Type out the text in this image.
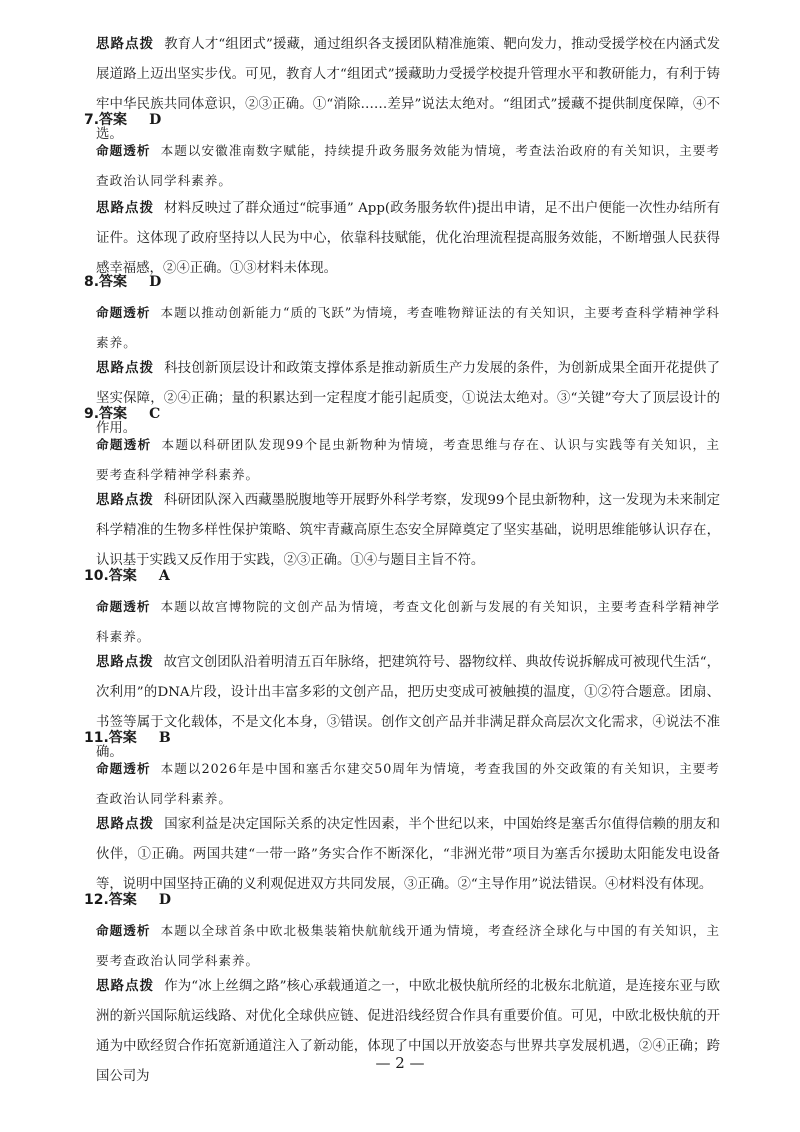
思路点拨 教育人才“组团式”援藏，通过组织各支援团队精准施策、靶向发力，推动受援学校在内涵式发展道路上迈出坚实步伐。可见，教育人才“组团式”援藏助力受援学校提升管理水平和教研能力，有利于铸牢中华民族共同体意识，②③正确。①“消除……差异”说法太绝对。“组团式”援藏不提供制度保障，④不选。

7.答案 D

命题透析 本题以安徽准南数字赋能，持续提升政务服务效能为情境，考查法治政府的有关知识，主要考查政治认同学科素养。

思路点拨 材料反映过了群众通过“皖事通” App(政务服务软件)提出申请，足不出户便能一次性办结所有证件。这体现了政府坚持以人民为中心，依靠科技赋能，优化治理流程提高服务效能，不断增强人民获得感幸福感，②④正确。①③材料未体现。

8.答案 D

命题透析 本题以推动创新能力“质的飞跃”为情境，考查唯物辩证法的有关知识，主要考查科学精神学科素养。

思路点拨 科技创新顶层设计和政策支撑体系是推动新质生产力发展的条件，为创新成果全面开花提供了坚实保障，②④正确；量的积累达到一定程度才能引起质变，①说法太绝对。③“关键”夸大了顶层设计的作用。

9.答案 C

命题透析 本题以科研团队发现99个昆虫新物种为情境，考查思维与存在、认识与实践等有关知识，主要考查科学精神学科素养。

思路点拨 科研团队深入西藏墨脱腹地等开展野外科学考察，发现99个昆虫新物种，这一发现为未来制定科学精准的生物多样性保护策略、筑牢青藏高原生态安全屏障奠定了坚实基础，说明思维能够认识存在，认识基于实践又反作用于实践，②③正确。①④与题目主旨不符。

10.答案 A

命题透析 本题以故宫博物院的文创产品为情境，考查文化创新与发展的有关知识，主要考查科学精神学科素养。

思路点拨 故宫文创团队沿着明清五百年脉络，把建筑符号、器物纹样、典故传说拆解成可被现代生活“，次利用”的DNA片段，设计出丰富多彩的文创产品，把历史变成可被触摸的温度，①②符合题意。团扇、书签等属于文化载体，不是文化本身，③错误。创作文创产品并非满足群众高层次文化需求，④说法不准确。

11.答案 B

命题透析 本题以2026年是中国和塞舌尔建交50周年为情境，考查我国的外交政策的有关知识，主要考查政治认同学科素养。

思路点拨 国家利益是决定国际关系的决定性因素，半个世纪以来，中国始终是塞舌尔值得信赖的朋友和伙伴，①正确。两国共建“一带一路”务实合作不断深化，“非洲光带”项目为塞舌尔援助太阳能发电设备等，说明中国坚持正确的义利观促进双方共同发展，③正确。②“主导作用”说法错误。④材料没有体现。

12.答案 D

命题透析 本题以全球首条中欧北极集装箱快航航线开通为情境，考查经济全球化与中国的有关知识，主要考查政治认同学科素养。

思路点拨 作为“冰上丝绸之路”核心承载通道之一，中欧北极快航所经的北极东北航道，是连接东亚与欧洲的新兴国际航运线路、对优化全球供应链、促进沿线经贸合作具有重要价值。可见，中欧北极快航的开通为中欧经贸合作拓宽新通道注入了新动能，体现了中国以开放姿态与世界共享发展机遇，②④正确；跨国公司为

— 2 —
